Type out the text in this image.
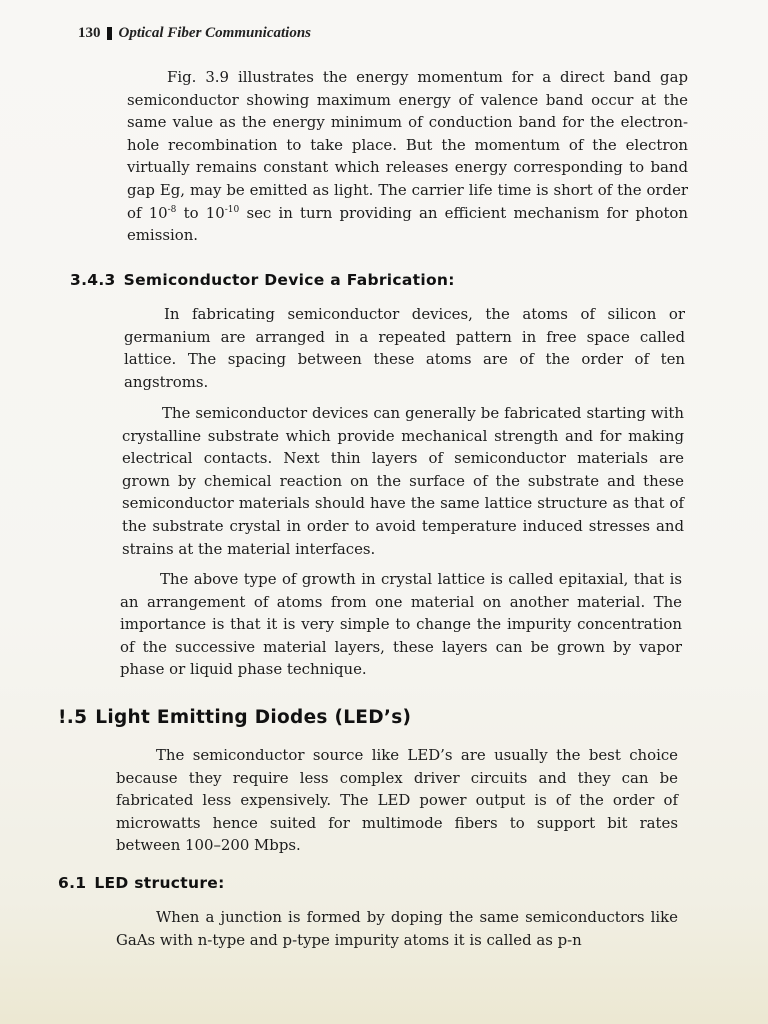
130 Optical Fiber Communications

Fig. 3.9 illustrates the energy momentum for a direct band gap semiconductor showing maximum energy of valence band occur at the same value as the energy minimum of conduction band for the electron-hole recombination to take place. But the momentum of the electron virtually remains constant which releases energy corresponding to band gap Eg, may be emitted as light. The carrier life time is short of the order of $10^{-8}$ to $10^{-10}$ sec in turn providing an efficient mechanism for photon emission.

3.4.3 Semiconductor Device a Fabrication:

In fabricating semiconductor devices, the atoms of silicon or germanium are arranged in a repeated pattern in free space called lattice. The spacing between these atoms are of the order of ten angstroms.

The semiconductor devices can generally be fabricated starting with crystalline substrate which provide mechanical strength and for making electrical contacts. Next thin layers of semiconductor materials are grown by chemical reaction on the surface of the substrate and these semiconductor materials should have the same lattice structure as that of the substrate crystal in order to avoid temperature induced stresses and strains at the material interfaces.

The above type of growth in crystal lattice is called epitaxial, that is an arrangement of atoms from one material on another material. The importance is that it is very simple to change the impurity concentration of the successive material layers, these layers can be grown by vapor phase or liquid phase technique.

!.5 Light Emitting Diodes (LED’s)

The semiconductor source like LED’s are usually the best choice because they require less complex driver circuits and they can be fabricated less expensively. The LED power output is of the order of microwatts hence suited for multimode fibers to support bit rates between 100–200 Mbps.

6.1 LED structure:

When a junction is formed by doping the same semiconductors like GaAs with n-type and p-type impurity atoms it is called as p-n
